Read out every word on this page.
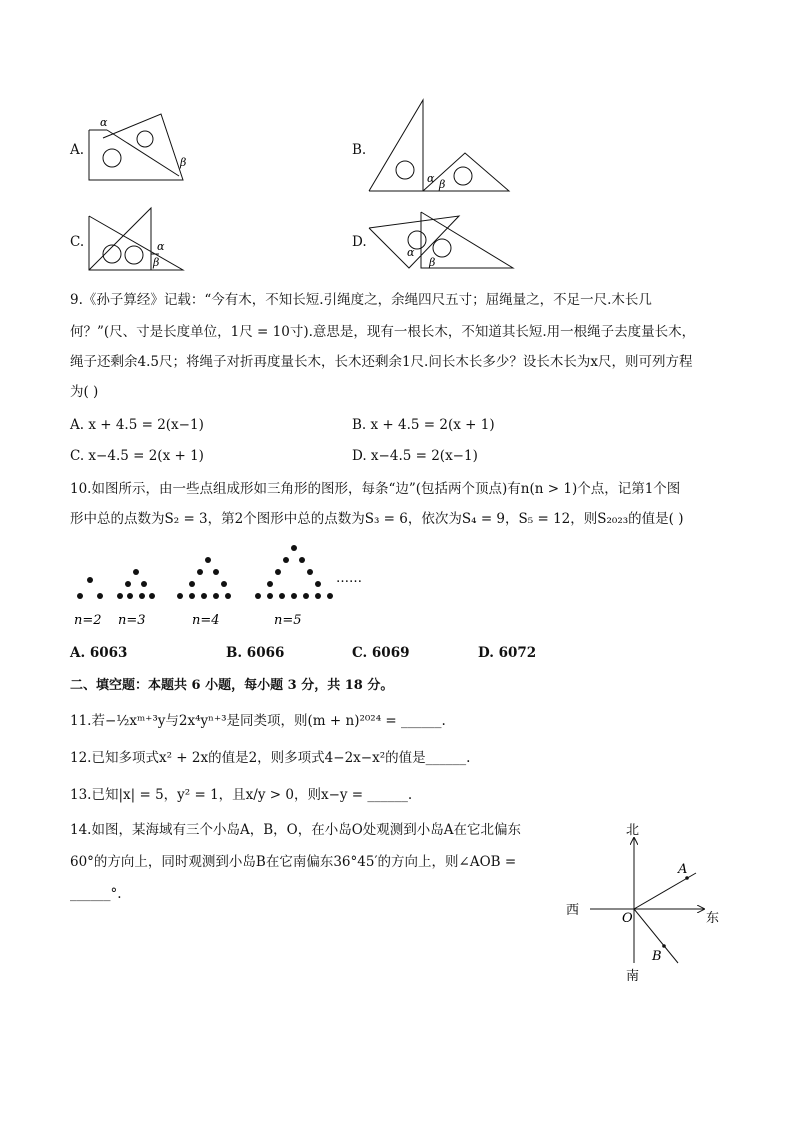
A.
α
β
B.
α β
C.	α
β
D.
α
β
9.《孙子算经》记载：“今有木，不知长短.引绳度之，余绳四尺五寸；屈绳量之，不足一尺.木长几
何？”(尺、寸是长度单位，1尺 = 10寸).意思是，现有一根长木，不知道其长短.用一根绳子去度量长木，
绳子还剩余4.5尺；将绳子对折再度量长木，长木还剩余1尺.问长木长多少？设长木长为x尺，则可列方程
为( )
A. x + 4.5 = 2(x−1)	B. x + 4.5 = 2(x + 1)
C. x−4.5 = 2(x + 1)	D. x−4.5 = 2(x−1)
10.如图所示，由一些点组成形如三角形的图形，每条“边”(包括两个顶点)有n(n > 1)个点，记第1个图
形中总的点数为S₂ = 3，第2个图形中总的点数为S₃ = 6，依次为S₄ = 9，S₅ = 12，则S₂₀₂₃的值是( )
n=2 n=3	n=4	n=5
……
A. 6063	B. 6066	C. 6069	D. 6072
二、填空题：本题共 6 小题，每小题 3 分，共 18 分。
11.若−½xᵐ⁺³y与2x⁴yⁿ⁺³是同类项，则(m + n)²⁰²⁴ = ______.
12.已知多项式x² + 2x的值是2，则多项式4−2x−x²的值是______.
13.已知|x| = 5，y² = 1，且x/y > 0，则x−y = ______.
14.如图，某海域有三个小岛A，B，O，在小岛O处观测到小岛A在它北偏东
60°的方向上，同时观测到小岛B在它南偏东36°45′的方向上，则∠AOB =
______°.
北
南
东
西
O
A
B
